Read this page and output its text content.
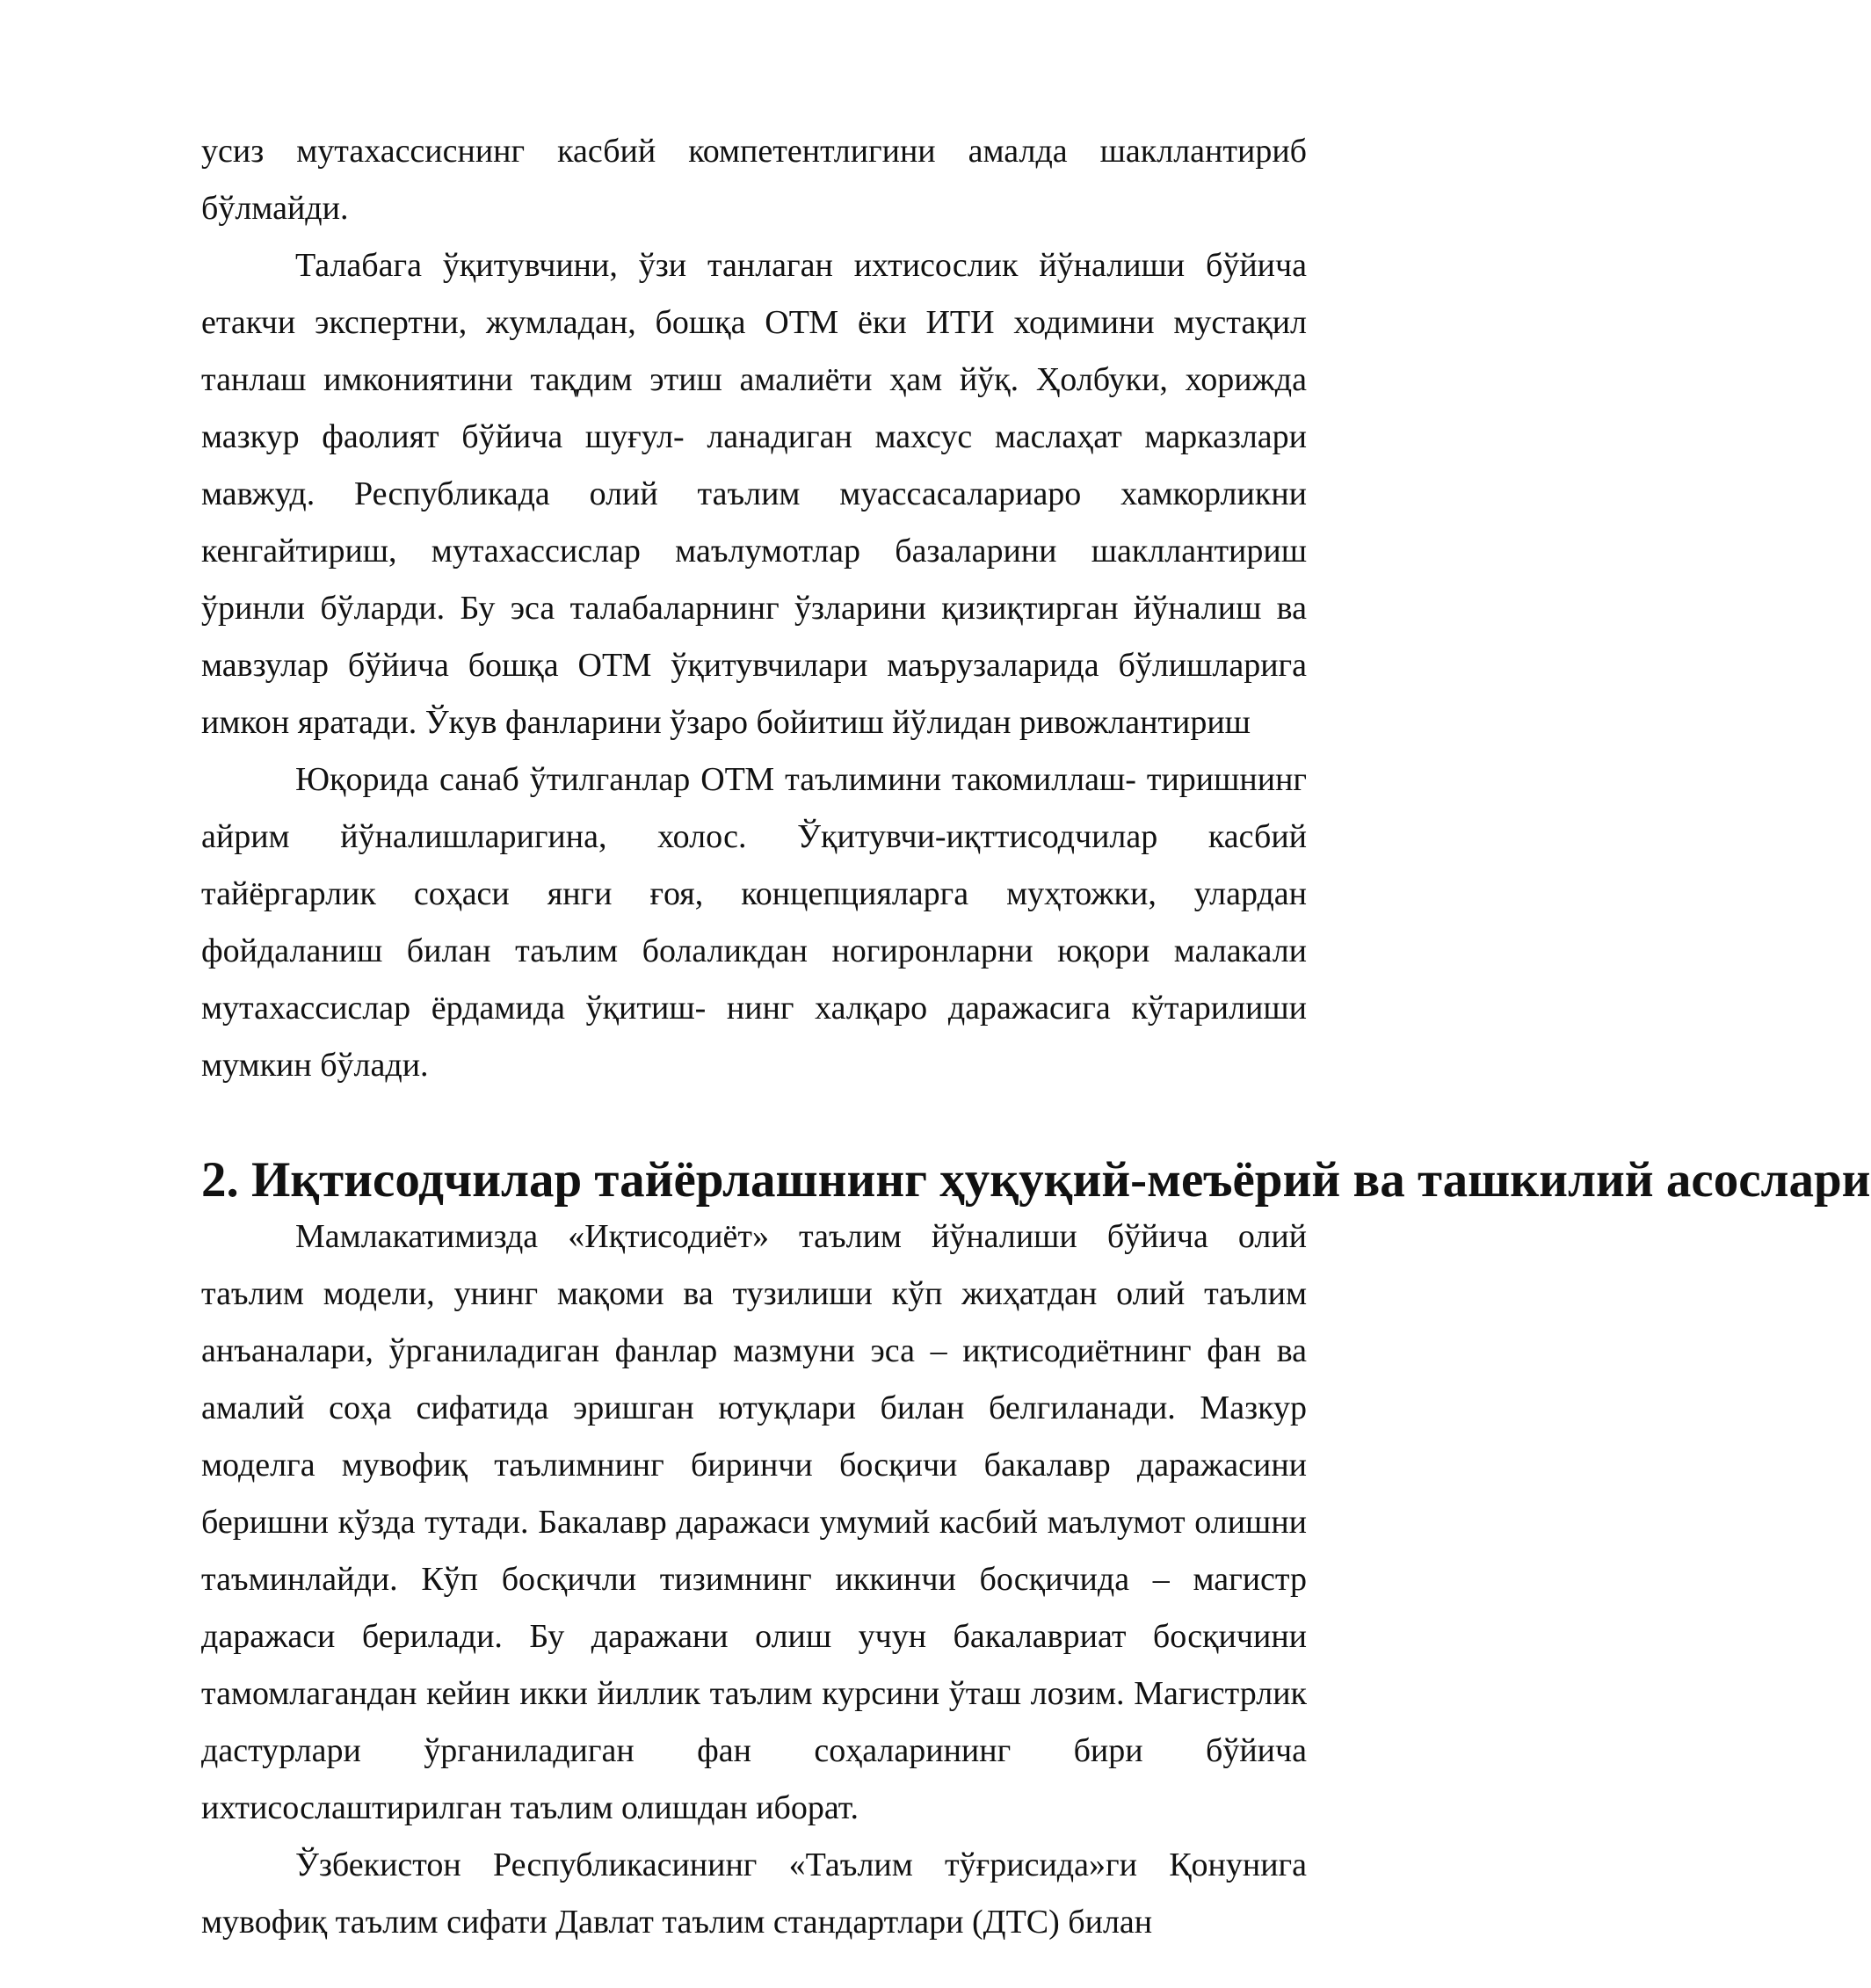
усиз мутахассиснинг касбий компетентлигини амалда шакллантириб бўлмайди.

Талабага ўқитувчини, ўзи танлаган ихтисослик йўналиши бўйича етакчи экспертни, жумладан, бошқа ОТМ ёки ИТИ ходимини мустақил танлаш имкониятини тақдим этиш амалиёти ҳам йўқ. Ҳолбуки, хорижда мазкур фаолият бўйича шуғул- ланадиган махсус маслаҳат марказлари мавжуд. Республикада олий таълим муассасалариаро хамкорликни кенгайтириш, мутахассислар маълумотлар базаларини шакллантириш ўринли бўларди. Бу эса талабаларнинг ўзларини қизиқтирган йўналиш ва мавзулар бўйича бошқа ОТМ ўқитувчилари маърузаларида бўлишларига имкон яратади. Ўкув фанларини ўзаро бойитиш йўлидан ривожлантириш

Юқорида санаб ўтилганлар ОТМ таълимини такомиллаш- тиришнинг айрим йўналишларигина, холос. Ўқитувчи-иқттисодчилар касбий тайёргарлик соҳаси янги ғоя, концепцияларга муҳтожки, улардан фойдаланиш билан таълим болаликдан ногиронларни юқори малакали мутахассислар ёрдамида ўқитиш- нинг халқаро даражасига кўтарилиши мумкин бўлади.

2. Иқтисодчилар тайёрлашнинг ҳуқуқий-меъёрий ва ташкилий асослари

Мамлакатимизда «Иқтисодиёт» таълим йўналиши бўйича олий таълим модели, унинг мақоми ва тузилиши кўп жиҳатдан олий таълим анъаналари, ўрганиладиган фанлар мазмуни эса – иқтисодиётнинг фан ва амалий соҳа сифатида эришган ютуқлари билан белгиланади. Мазкур моделга мувофиқ таълимнинг биринчи босқичи бакалавр даражасини беришни кўзда тутади. Бакалавр даражаси умумий касбий маълумот олишни таъминлайди. Кўп босқичли тизимнинг иккинчи босқичида – магистр даражаси берилади. Бу даражани олиш учун бакалавриат босқичини тамомлагандан кейин икки йиллик таълим курсини ўташ лозим. Магистрлик дастурлари ўрганиладиган фан соҳаларининг бири бўйича ихтисослаштирилган таълим олишдан иборат.

Ўзбекистон Республикасининг «Таълим тўғрисида»ги Қонунига мувофиқ таълим сифати Давлат таълим стандартлари (ДТС) билан
